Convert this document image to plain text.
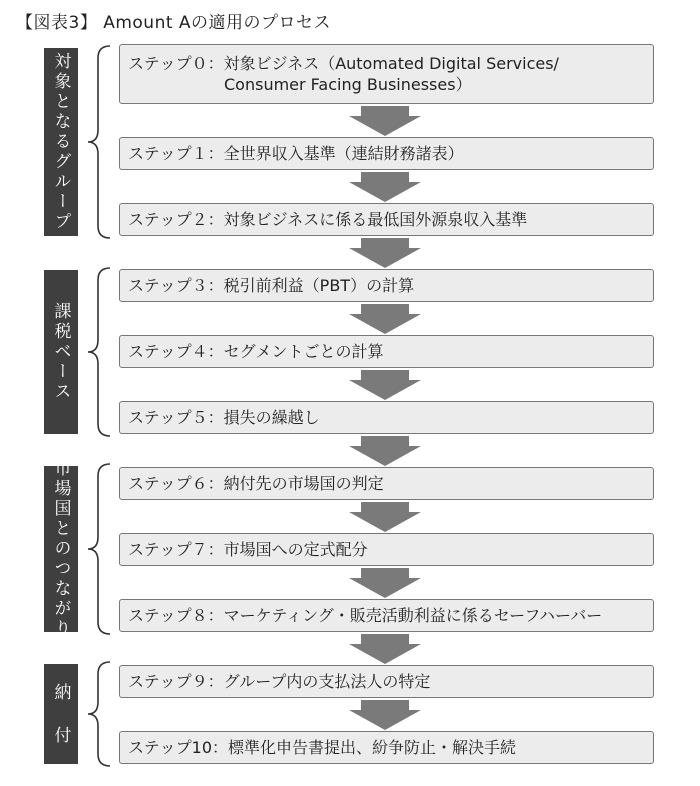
【図表3】 Amount Aの適用のプロセス
対象となるグループ
課税ベース
市場国とのつながり
納 付
ステップ０：対象ビジネス（Automated Digital Services/
　　　　　　Consumer Facing Businesses）
ステップ１：全世界収入基準（連結財務諸表）
ステップ２：対象ビジネスに係る最低国外源泉収入基準
ステップ３：税引前利益（PBT）の計算
ステップ４：セグメントごとの計算
ステップ５：損失の繰越し
ステップ６：納付先の市場国の判定
ステップ７：市場国への定式配分
ステップ８：マーケティング・販売活動利益に係るセーフハーバー
ステップ９：グループ内の支払法人の特定
ステップ10：標準化申告書提出、紛争防止・解決手続
